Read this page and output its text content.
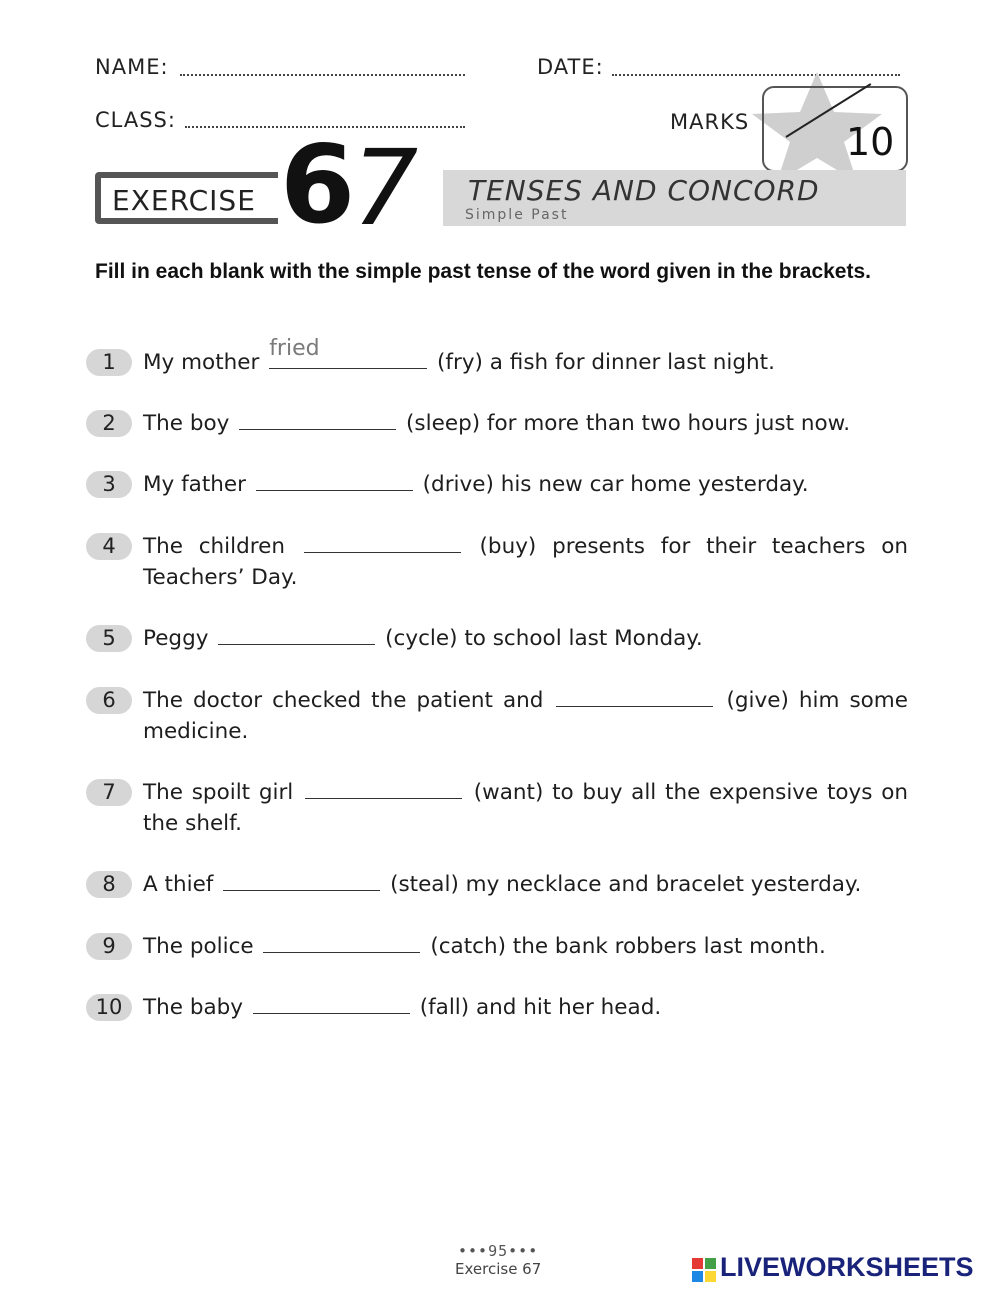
NAME:	DATE:
CLASS:	MARKS	10
EXERCISE 6
7 TENSES AND CONCORD
Simple Past
Fill in each blank with the simple past tense of the word given in the brackets.
1	My mother
fried
(fry) a fish for dinner last night.
2	The boy	(sleep) for more than two hours just now.
3	My father	(drive) his new car home yesterday.
4	The children	(buy) presents for their teachers on Teachers’ Day.
5	Peggy	(cycle) to school last Monday.
6	The doctor checked the patient and	(give) him some medicine.
7	The spoilt girl	(want) to buy all the expensive toys on the shelf.
8	A thief	(steal) my necklace and bracelet yesterday.
9	The police	(catch) the bank robbers last month.
10 The baby	(fall) and hit her head.
•••95•••
Exercise 67	LIVEWORKSHEETS
